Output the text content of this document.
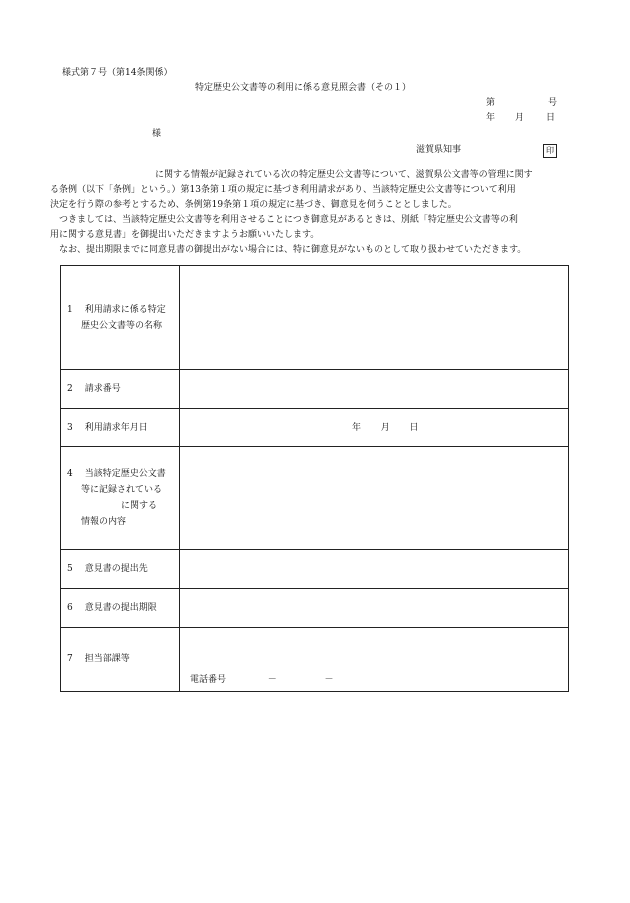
様式第７号（第14条関係）
特定歴史公文書等の利用に係る意見照会書（その１）
第	号
年 月 日
様
滋賀県知事	印
に関する情報が記録されている次の特定歴史公文書等について、滋賀県公文書等の管理に関す
る条例（以下「条例」という。）第13条第１項の規定に基づき利用請求があり、当該特定歴史公文書等について利用
決定を行う際の参考とするため、条例第19条第１項の規定に基づき、御意見を伺うこととしました。
　つきましては、当該特定歴史公文書等を利用させることにつき御意見があるときは、別紙「特定歴史公文書等の利
用に関する意見書」を御提出いただきますようお願いいたします。
　なお、提出期限までに同意見書の御提出がない場合には、特に御意見がないものとして取り扱わせていただきます。
1 利用請求に係る特定

歴史公文書等の名称	

2 請求番号	

3 利用請求年月日	年 月 日

4 当該特定歴史公文書

等に記録されている
に関する
情報の内容	

5 意見書の提出先	

6 意見書の提出期限	

7 担当部課等	電話番号 － －
